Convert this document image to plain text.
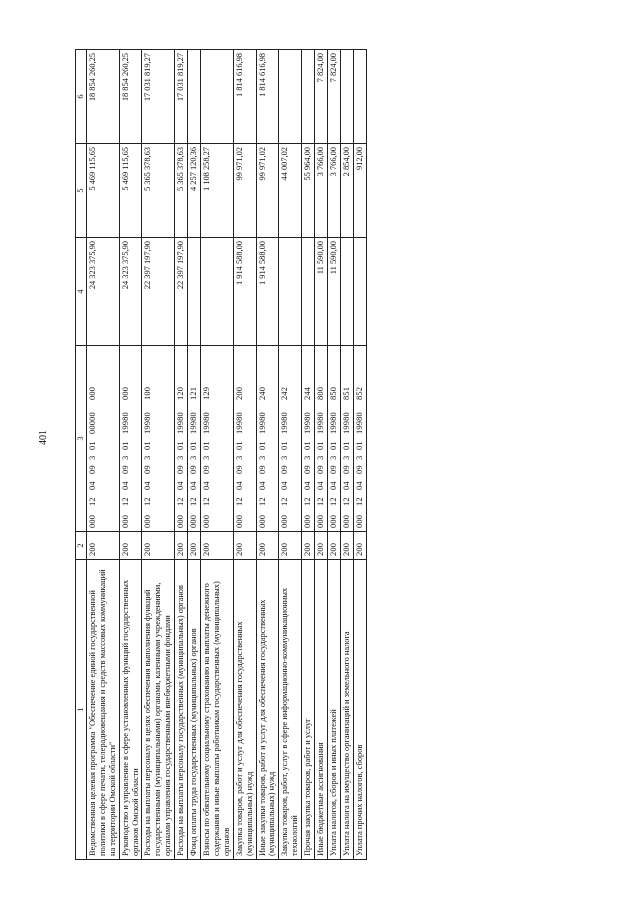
401
1	2	3	4	5	6
Ведомственная целевая программа "Обеспечение единой государственной политики в сфере печати, телерадиовещания и средств массовых коммуникаций на территории Омской области"	200	00012040930100000000	24 323 375,90	5 469 115,65	18 854 260,25
Руководство и управление в сфере установленных функций государственных органов Омской области	200	00012040930119980000	24 323 375,90	5 469 115,65	18 854 260,25
Расходы на выплаты персоналу в целях обеспечения выполнения функций государственными (муниципальными) органами, казенными учреждениями, органами управления государственными внебюджетными фондами	200	00012040930119980100	22 397 197,90	5 365 378,63	17 031 819,27
Расходы на выплаты персоналу государственных (муниципальных) органов	200	00012040930119980120	22 397 197,90	5 365 378,63	17 031 819,27
Фонд оплаты труда государственных (муниципальных) органов	200	00012040930119980121		4 257 120,36	
Взносы по обязательному социальному страхованию на выплаты денежного содержания и иные выплаты работникам государственных (муниципальных) органов	200	00012040930119980129		1 108 258,27	
Закупка товаров, работ и услуг для обеспечения государственных (муниципальных) нужд	200	00012040930119980200	1 914 588,00	99 971,02	1 814 616,98
Иные закупки товаров, работ и услуг для обеспечения государственных (муниципальных) нужд	200	00012040930119980240	1 914 588,00	99 971,02	1 814 616,98
Закупка товаров, работ, услуг в сфере информационно-коммуникационных технологий	200	00012040930119980242		44 007,02	
Прочая закупка товаров, работ и услуг	200	00012040930119980244		55 964,00	
Иные бюджетные ассигнования	200	00012040930119980800	11 590,00	3 766,00	7 824,00
Уплата налогов, сборов и иных платежей	200	00012040930119980850	11 590,00	3 766,00	7 824,00
Уплата налога на имущество организаций и земельного налога	200	00012040930119980851		2 854,00	
Уплата прочих налогов, сборов	200	00012040930119980852		912,00	
